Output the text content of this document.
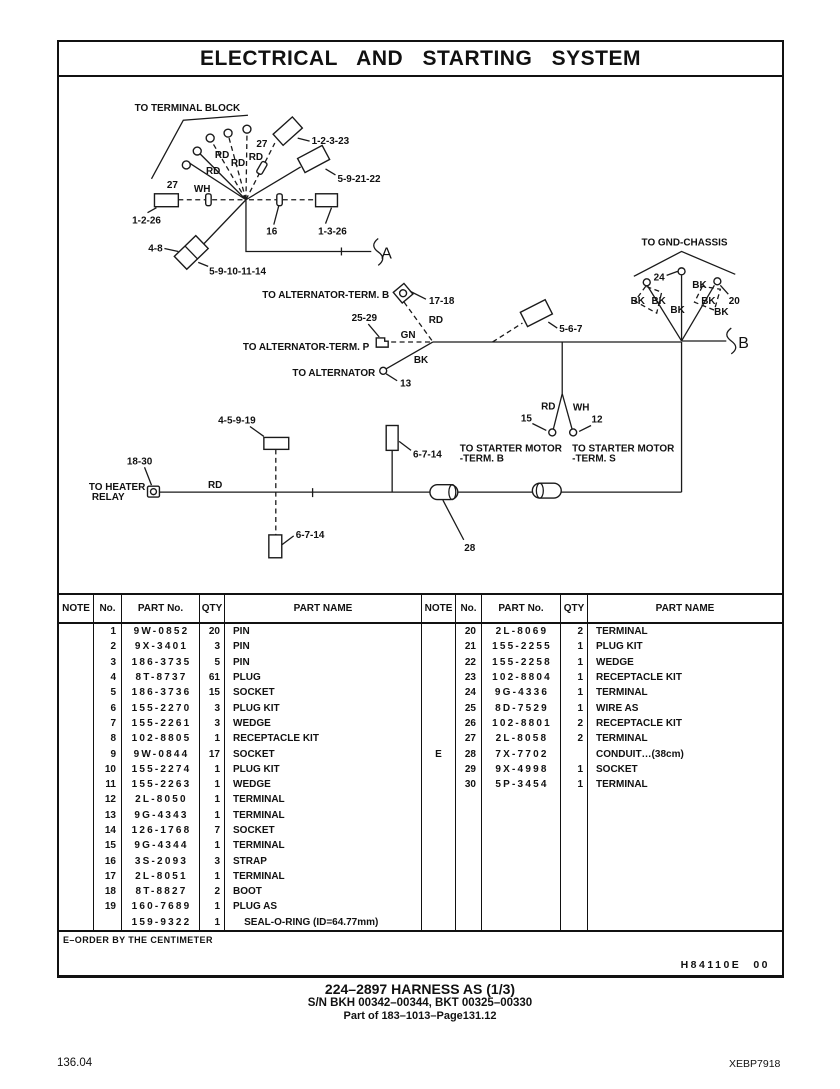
ELECTRICAL AND STARTING SYSTEM
TO TERMINAL BLOCK
27
27
RD
RD
RD
RD
WH
1-2-26
16	1-3-26
1-2-3-23
5-9-21-22
4-8
5-9-10-11-14
A
TO GND-CHASSIS
24
BK BK
BK
BK
BK
BK
20
B
TO ALTERNATOR-TERM. B
17-18
RD
25-29
GN
TO ALTERNATOR-TERM. P
BK
TO ALTERNATOR
13
5-6-7
RD WH
15	12
TO STARTER MOTOR
-TERM. B
TO STARTER MOTOR
-TERM. S
18-30
TO HEATER
RELAY
RD
4-5-9-19
6-7-14
6-7-14
28
NOTE No.	PART No.	QTY	PART NAME
1	9W-0852	20	PIN
2	9X-3401	3	PIN
3	186-3735	5	PIN
4	8T-8737	61	PLUG
5	186-3736	15	SOCKET
6	155-2270	3	PLUG KIT
7	155-2261	3	WEDGE
8	102-8805	1	RECEPTACLE KIT
9	9W-0844	17	SOCKET
10	155-2274	1	PLUG KIT
11	155-2263	1	WEDGE
12	2L-8050	1	TERMINAL
13	9G-4343	1	TERMINAL
14	126-1768	7	SOCKET
15	9G-4344	1	TERMINAL
16	3S-2093	3	STRAP
17	2L-8051	1	TERMINAL
18	8T-8827	2	BOOT
19	160-7689	1	PLUG AS
159-9322	1	SEAL-O-RING (ID=64.77mm)
NOTE No.	PART No.	QTY	PART NAME
20	2L-8069	2	TERMINAL
21	155-2255	1	PLUG KIT
22	155-2258	1	WEDGE
23	102-8804	1	RECEPTACLE KIT
24	9G-4336	1	TERMINAL
25	8D-7529	1	WIRE AS
26	102-8801	2	RECEPTACLE KIT
27	2L-8058	2	TERMINAL
E	28	7X-7702	CONDUIT…(38cm)
29	9X-4998	1	SOCKET
30	5P-3454	1	TERMINAL
E–ORDER BY THE CENTIMETER
H84110E 00
224–2897 HARNESS AS (1/3)
S/N BKH 00342–00344, BKT 00325–00330
Part of 183–1013–Page131.12
136.04	XEBP7918
